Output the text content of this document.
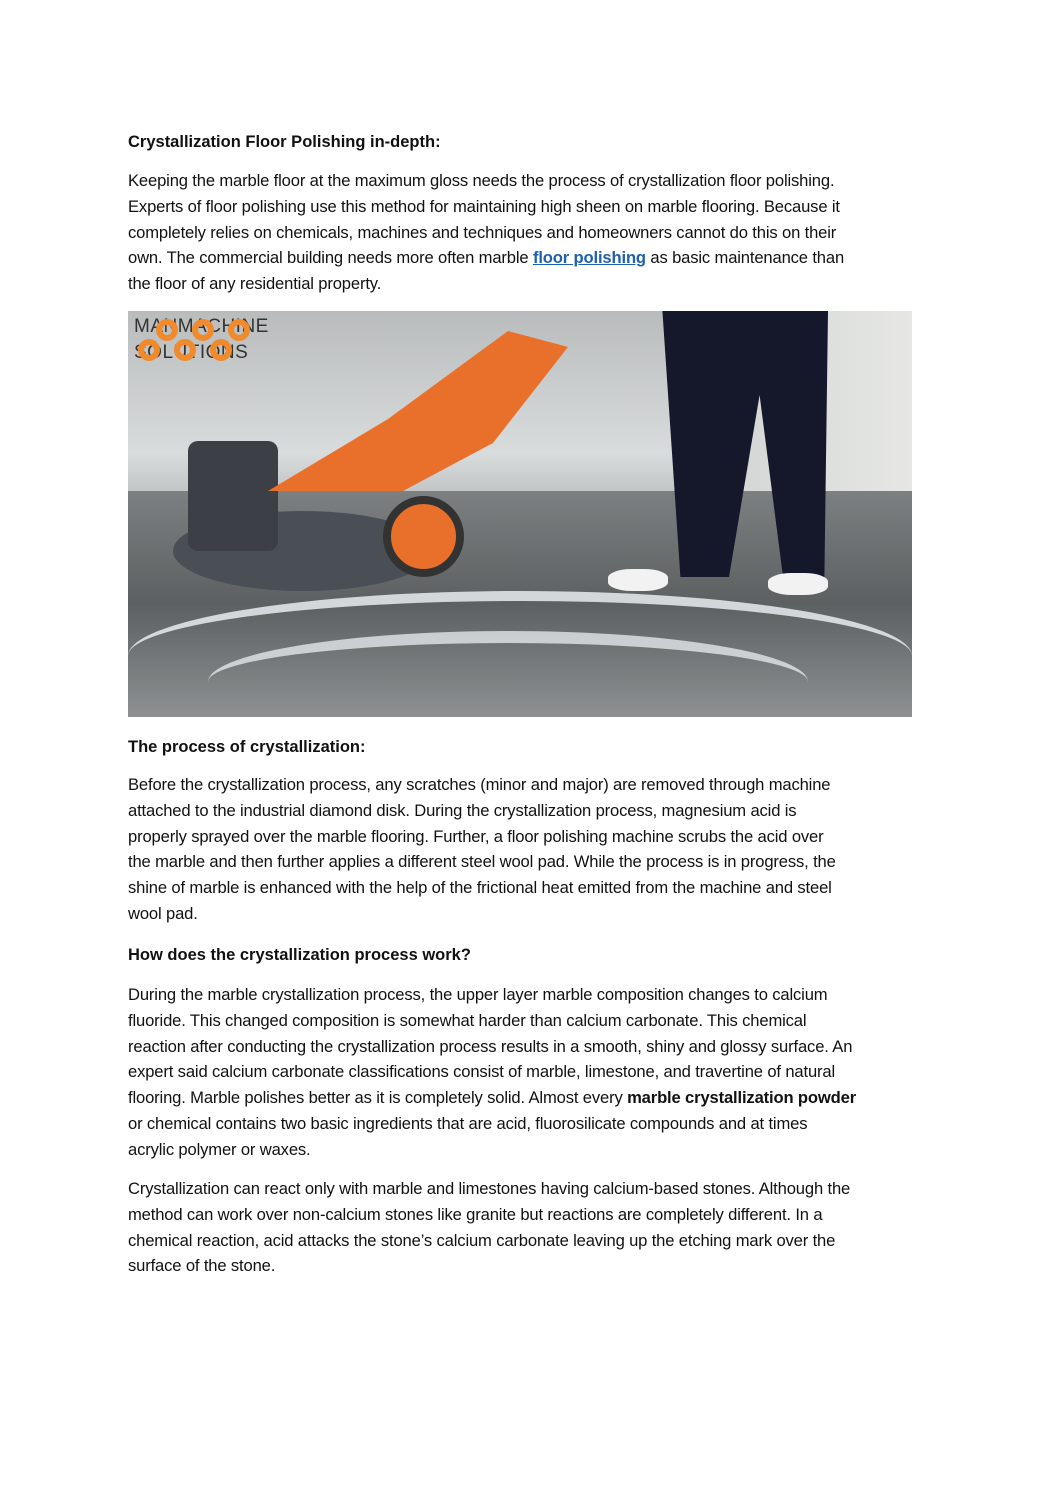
Crystallization Floor Polishing in-depth:
Keeping the marble floor at the maximum gloss needs the process of crystallization floor polishing.
Experts of floor polishing use this method for maintaining high sheen on marble flooring. Because it
completely relies on chemicals, machines and techniques and homeowners cannot do this on their
own. The commercial building needs more often marble floor polishing as basic maintenance than
the floor of any residential property.
MANMACHINE
SOLUTIONS
The process of crystallization:
Before the crystallization process, any scratches (minor and major) are removed through machine
attached to the industrial diamond disk. During the crystallization process, magnesium acid is
properly sprayed over the marble flooring. Further, a floor polishing machine scrubs the acid over
the marble and then further applies a different steel wool pad. While the process is in progress, the
shine of marble is enhanced with the help of the frictional heat emitted from the machine and steel
wool pad.
How does the crystallization process work?
During the marble crystallization process, the upper layer marble composition changes to calcium
fluoride. This changed composition is somewhat harder than calcium carbonate. This chemical
reaction after conducting the crystallization process results in a smooth, shiny and glossy surface. An
expert said calcium carbonate classifications consist of marble, limestone, and travertine of natural
flooring. Marble polishes better as it is completely solid. Almost every marble crystallization powder
or chemical contains two basic ingredients that are acid, fluorosilicate compounds and at times
acrylic polymer or waxes.
Crystallization can react only with marble and limestones having calcium-based stones. Although the
method can work over non-calcium stones like granite but reactions are completely different. In a
chemical reaction, acid attacks the stone’s calcium carbonate leaving up the etching mark over the
surface of the stone.
